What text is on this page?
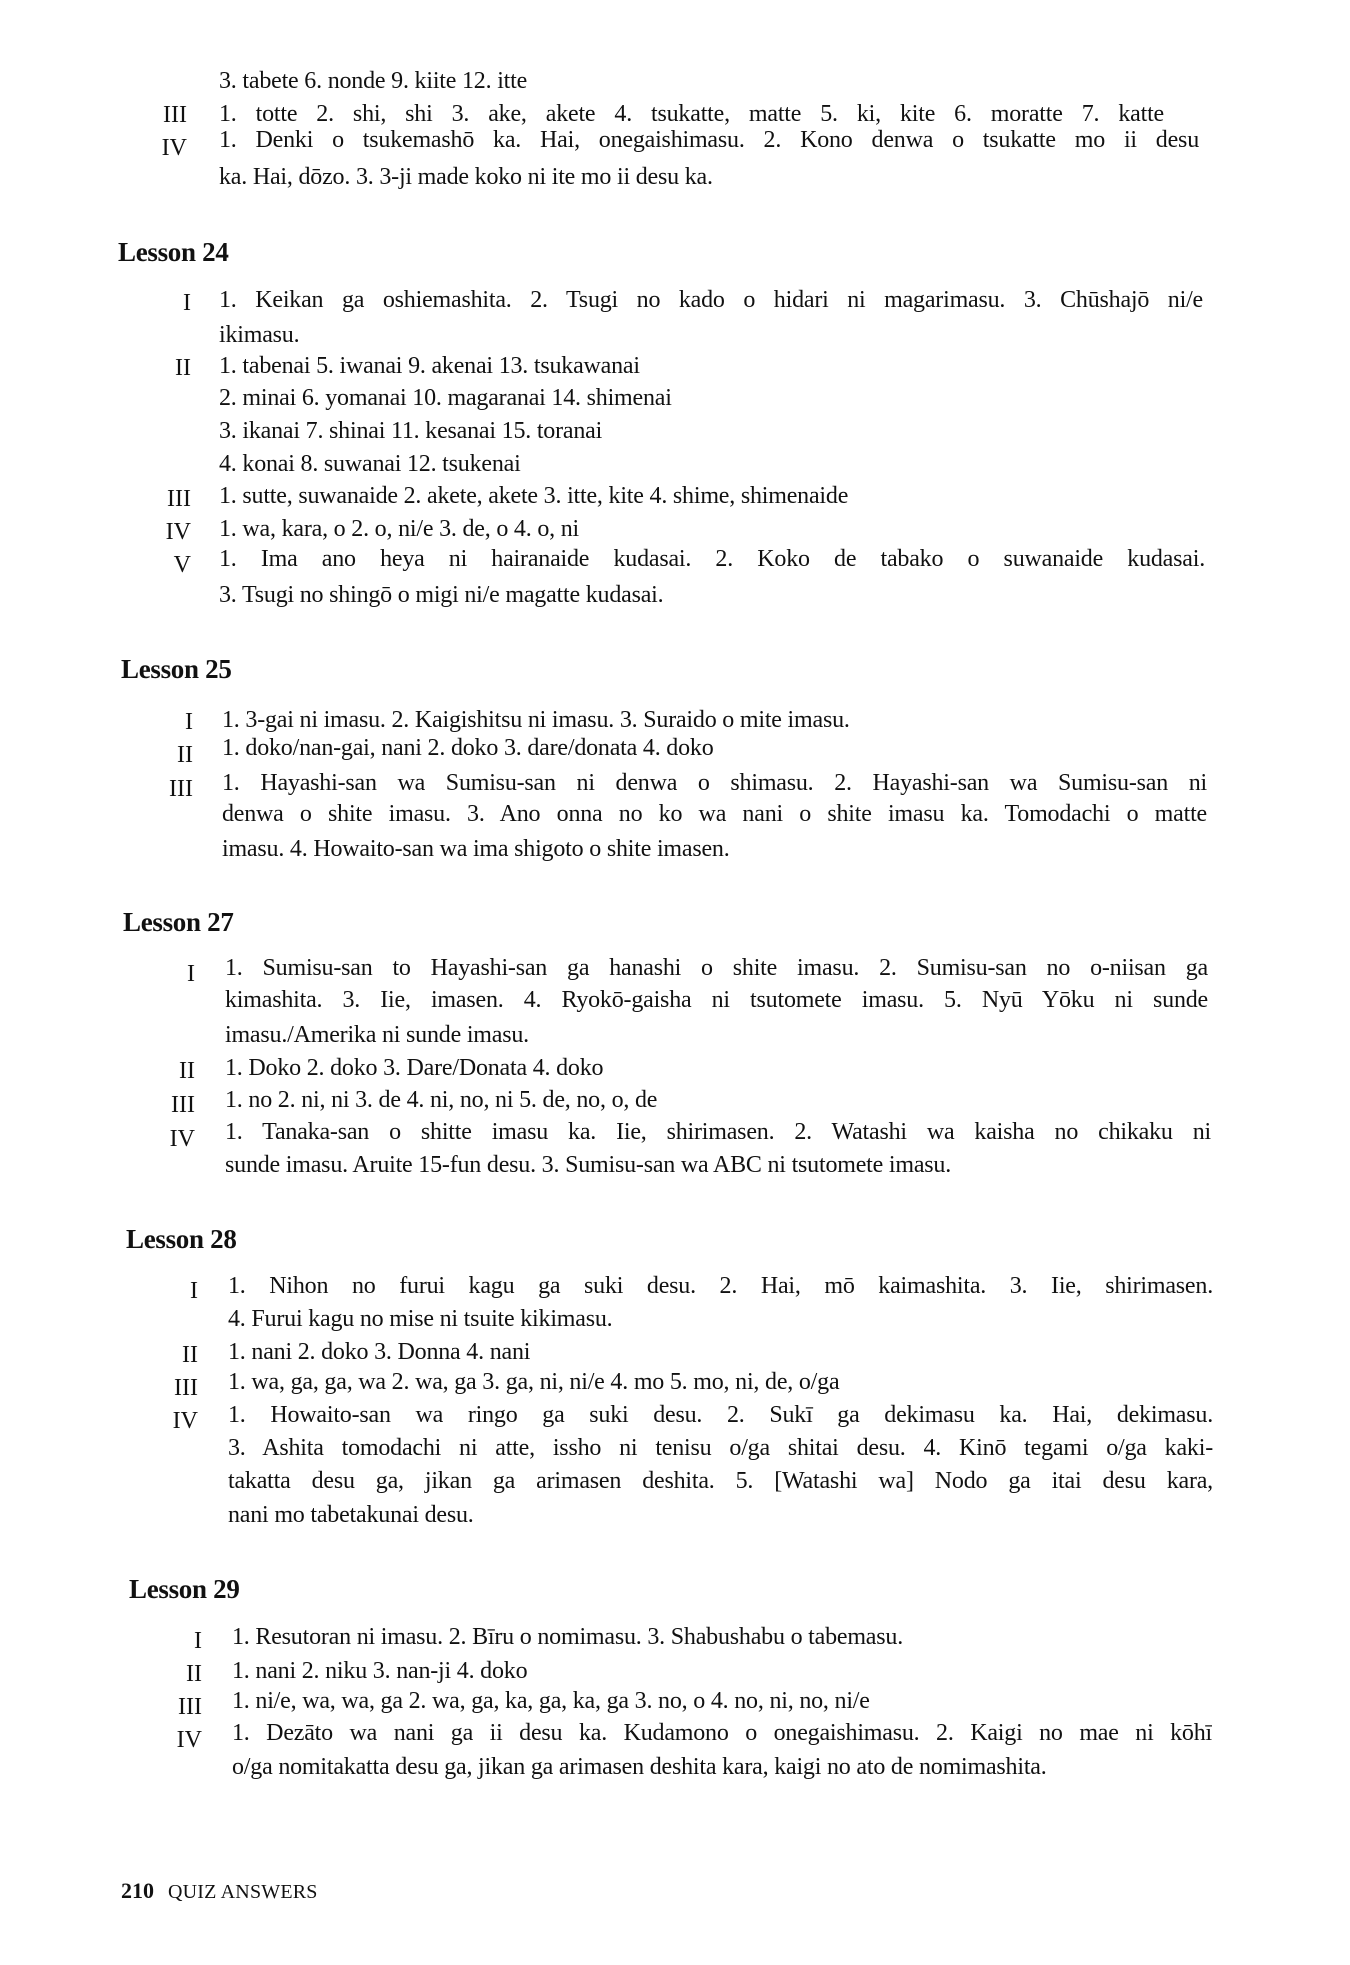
3. tabete 6. nonde 9. kiite 12. itte
III 1. totte 2. shi, shi 3. ake, akete 4. tsukatte, matte 5. ki, kite 6. moratte 7. katte
IV 1. Denki o tsukemashō ka. Hai, onegaishimasu. 2. Kono denwa o tsukatte mo ii desu
ka. Hai, dōzo. 3. 3-ji made koko ni ite mo ii desu ka.
Lesson 24
I 1. Keikan ga oshiemashita. 2. Tsugi no kado o hidari ni magarimasu. 3. Chūshajō ni/e
ikimasu.
II 1. tabenai 5. iwanai 9. akenai 13. tsukawanai
2. minai 6. yomanai 10. magaranai 14. shimenai
3. ikanai 7. shinai 11. kesanai 15. toranai
4. konai 8. suwanai 12. tsukenai
III 1. sutte, suwanaide 2. akete, akete 3. itte, kite 4. shime, shimenaide
IV 1. wa, kara, o 2. o, ni/e 3. de, o 4. o, ni
V 1. Ima ano heya ni hairanaide kudasai. 2. Koko de tabako o suwanaide kudasai.
3. Tsugi no shingō o migi ni/e magatte kudasai.
Lesson 25
I 1. 3-gai ni imasu. 2. Kaigishitsu ni imasu. 3. Suraido o mite imasu.
II 1. doko/nan-gai, nani 2. doko 3. dare/donata 4. doko
III 1. Hayashi-san wa Sumisu-san ni denwa o shimasu. 2. Hayashi-san wa Sumisu-san ni
denwa o shite imasu. 3. Ano onna no ko wa nani o shite imasu ka. Tomodachi o matte
imasu. 4. Howaito-san wa ima shigoto o shite imasen.
Lesson 27
I 1. Sumisu-san to Hayashi-san ga hanashi o shite imasu. 2. Sumisu-san no o-niisan ga
kimashita. 3. Iie, imasen. 4. Ryokō-gaisha ni tsutomete imasu. 5. Nyū Yōku ni sunde
imasu./Amerika ni sunde imasu.
II 1. Doko 2. doko 3. Dare/Donata 4. doko
III 1. no 2. ni, ni 3. de 4. ni, no, ni 5. de, no, o, de
IV 1. Tanaka-san o shitte imasu ka. Iie, shirimasen. 2. Watashi wa kaisha no chikaku ni
sunde imasu. Aruite 15-fun desu. 3. Sumisu-san wa ABC ni tsutomete imasu.
Lesson 28
I 1. Nihon no furui kagu ga suki desu. 2. Hai, mō kaimashita. 3. Iie, shirimasen.
4. Furui kagu no mise ni tsuite kikimasu.
II 1. nani 2. doko 3. Donna 4. nani
III 1. wa, ga, ga, wa 2. wa, ga 3. ga, ni, ni/e 4. mo 5. mo, ni, de, o/ga
IV 1. Howaito-san wa ringo ga suki desu. 2. Sukī ga dekimasu ka. Hai, dekimasu.
3. Ashita tomodachi ni atte, issho ni tenisu o/ga shitai desu. 4. Kinō tegami o/ga kaki-
takatta desu ga, jikan ga arimasen deshita. 5. [Watashi wa] Nodo ga itai desu kara,
nani mo tabetakunai desu.
Lesson 29
I 1. Resutoran ni imasu. 2. Bīru o nomimasu. 3. Shabushabu o tabemasu.
II 1. nani 2. niku 3. nan-ji 4. doko
III 1. ni/e, wa, wa, ga 2. wa, ga, ka, ga, ka, ga 3. no, o 4. no, ni, no, ni/e
IV 1. Dezāto wa nani ga ii desu ka. Kudamono o onegaishimasu. 2. Kaigi no mae ni kōhī
o/ga nomitakatta desu ga, jikan ga arimasen deshita kara, kaigi no ato de nomimashita.
210 QUIZ ANSWERS
